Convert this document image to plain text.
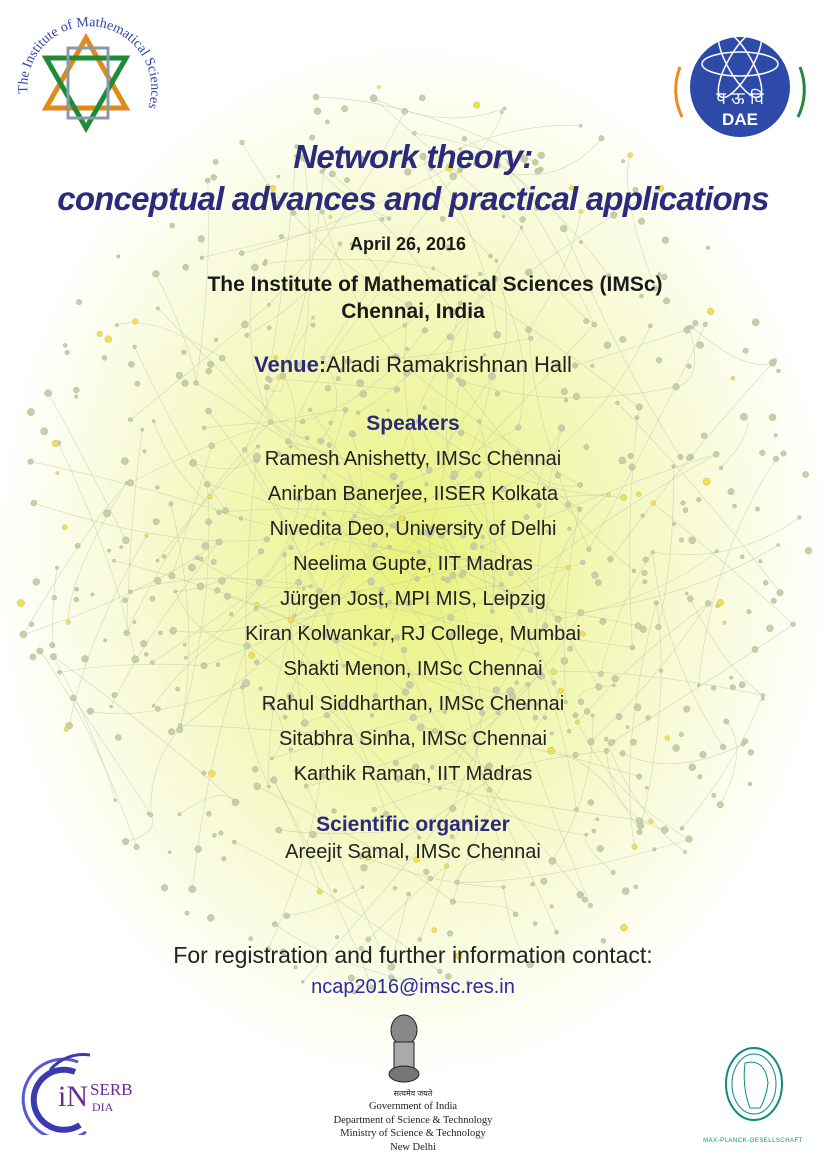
The Institute of Mathematical Sciences	प ऊ वि
DAE
Network theory:
conceptual advances and practical applications
April 26, 2016
The Institute of Mathematical Sciences (IMSc)
Chennai, India
Venue:Alladi Ramakrishnan Hall
Speakers
Ramesh Anishetty, IMSc Chennai
Anirban Banerjee, IISER Kolkata
Nivedita Deo, University of Delhi
Neelima Gupte, IIT Madras
Jürgen Jost, MPI MIS, Leipzig
Kiran Kolwankar, RJ College, Mumbai
Shakti Menon, IMSc Chennai
Rahul Siddharthan, IMSc Chennai
Sitabhra Sinha, IMSc Chennai
Karthik Raman, IIT Madras
Scientific organizer
Areejit Samal, IMSc Chennai
For registration and further information contact:
ncap2016@imsc.res.in
iN SERB
DIA
सत्यमेव जयते
Government of India
Department of Science & Technology
Ministry of Science & Technology
New Delhi
MAX-PLANCK-GESELLSCHAFT
